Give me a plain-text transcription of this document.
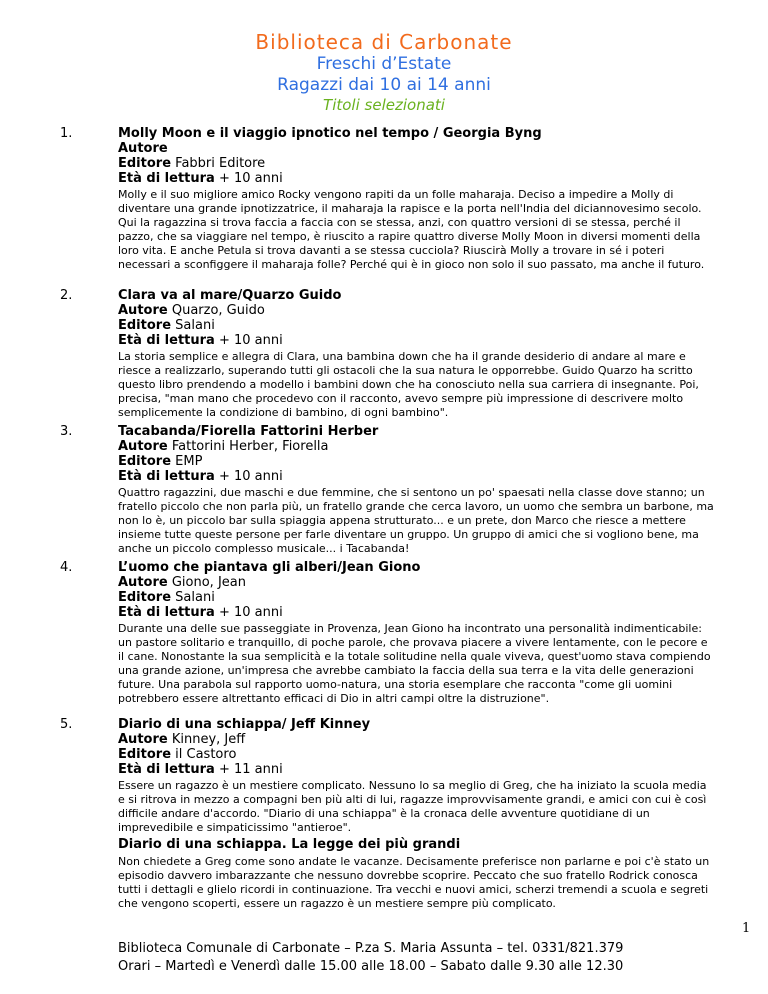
Biblioteca di Carbonate
Freschi d’Estate
Ragazzi dai 10 ai 14 anni
Titoli selezionati
1.	Molly Moon e il viaggio ipnotico nel tempo / Georgia Byng
Autore
Editore Fabbri Editore
Età di lettura + 10 anni
Molly e il suo migliore amico Rocky vengono rapiti da un folle maharaja. Deciso a impedire a Molly di diventare una grande ipnotizzatrice, il maharaja la rapisce e la porta nell'India del diciannovesimo secolo. Qui la ragazzina si trova faccia a faccia con se stessa, anzi, con quattro versioni di se stessa, perché il pazzo, che sa viaggiare nel tempo, è riuscito a rapire quattro diverse Molly Moon in diversi momenti della loro vita. E anche Petula si trova davanti a se stessa cucciola? Riuscirà Molly a trovare in sé i poteri necessari a sconfiggere il maharaja folle? Perché qui è in gioco non solo il suo passato, ma anche il futuro.
2.	Clara va al mare/Quarzo Guido
Autore Quarzo, Guido
Editore Salani
Età di lettura + 10 anni
La storia semplice e allegra di Clara, una bambina down che ha il grande desiderio di andare al mare e riesce a realizzarlo, superando tutti gli ostacoli che la sua natura le opporrebbe. Guido Quarzo ha scritto questo libro prendendo a modello i bambini down che ha conosciuto nella sua carriera di insegnante. Poi, precisa, "man mano che procedevo con il racconto, avevo sempre più impressione di descrivere molto semplicemente la condizione di bambino, di ogni bambino".
3.	Tacabanda/Fiorella Fattorini Herber
Autore Fattorini Herber, Fiorella
Editore EMP
Età di lettura + 10 anni
Quattro ragazzini, due maschi e due femmine, che si sentono un po' spaesati nella classe dove stanno; un fratello piccolo che non parla più, un fratello grande che cerca lavoro, un uomo che sembra un barbone, ma non lo è, un piccolo bar sulla spiaggia appena strutturato... e un prete, don Marco che riesce a mettere insieme tutte queste persone per farle diventare un gruppo. Un gruppo di amici che si vogliono bene, ma anche un piccolo complesso musicale... i Tacabanda!
4.	L’uomo che piantava gli alberi/Jean Giono
Autore Giono, Jean
Editore Salani
Età di lettura + 10 anni
Durante una delle sue passeggiate in Provenza, Jean Giono ha incontrato una personalità indimenticabile: un pastore solitario e tranquillo, di poche parole, che provava piacere a vivere lentamente, con le pecore e il cane. Nonostante la sua semplicità e la totale solitudine nella quale viveva, quest'uomo stava compiendo una grande azione, un'impresa che avrebbe cambiato la faccia della sua terra e la vita delle generazioni future. Una parabola sul rapporto uomo-natura, una storia esemplare che racconta "come gli uomini potrebbero essere altrettanto efficaci di Dio in altri campi oltre la distruzione".
5.	Diario di una schiappa/ Jeff Kinney
Autore Kinney, Jeff
Editore il Castoro
Età di lettura + 11 anni
Essere un ragazzo è un mestiere complicato. Nessuno lo sa meglio di Greg, che ha iniziato la scuola media e si ritrova in mezzo a compagni ben più alti di lui, ragazze improvvisamente grandi, e amici con cui è così difficile andare d'accordo. "Diario di una schiappa" è la cronaca delle avventure quotidiane di un imprevedibile e simpaticissimo "antieroe".
Diario di una schiappa. La legge dei più grandi
Non chiedete a Greg come sono andate le vacanze. Decisamente preferisce non parlarne e poi c'è stato un episodio davvero imbarazzante che nessuno dovrebbe scoprire. Peccato che suo fratello Rodrick conosca tutti i dettagli e glielo ricordi in continuazione. Tra vecchi e nuovi amici, scherzi tremendi a scuola e segreti che vengono scoperti, essere un ragazzo è un mestiere sempre più complicato.
1
Biblioteca Comunale di Carbonate – P.za S. Maria Assunta – tel. 0331/821.379
Orari – Martedì e Venerdì dalle 15.00 alle 18.00 – Sabato dalle 9.30 alle 12.30
